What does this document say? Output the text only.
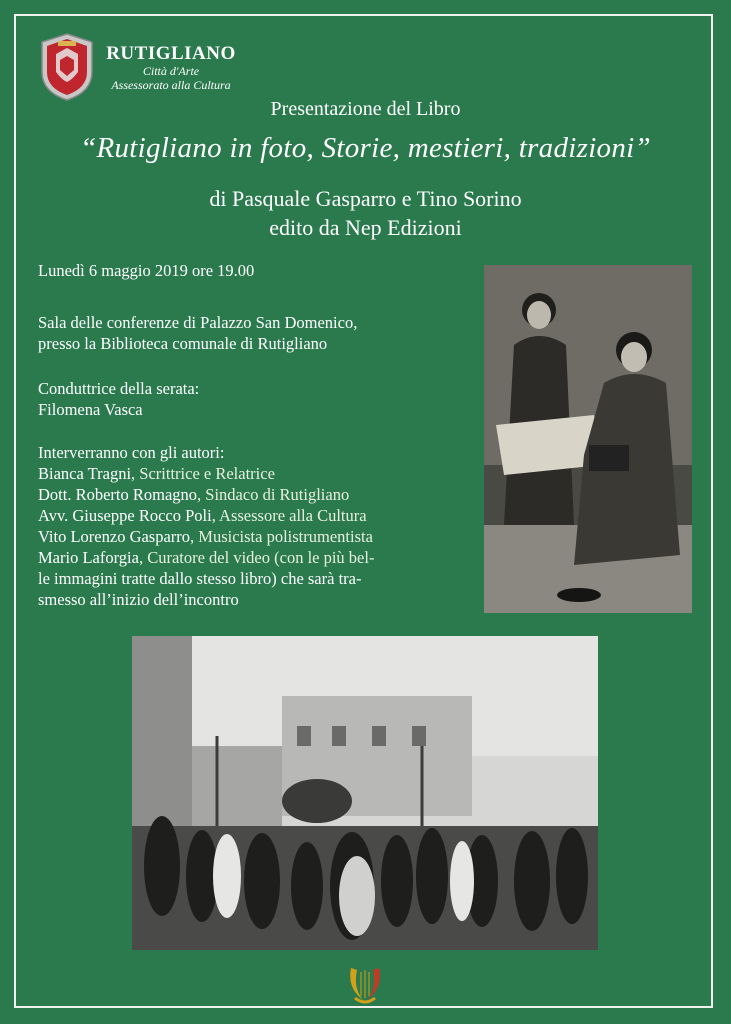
RUTIGLIANO
Città d'Arte
Assessorato alla Cultura
Presentazione del Libro
“Rutigliano in foto, Storie, mestieri, tradizioni”
di Pasquale Gasparro e Tino Sorino
edito da Nep Edizioni

Lunedì 6 maggio 2019 ore 19.00

Sala delle conferenze di Palazzo San Domenico,

presso la Biblioteca comunale di Rutigliano

Conduttrice della serata:

Filomena Vasca

Interverranno con gli autori:

Bianca Tragni, Scrittrice e Relatrice

Dott. Roberto Romagno, Sindaco di Rutigliano

Avv. Giuseppe Rocco Poli, Assessore alla Cultura

Vito Lorenzo Gasparro, Musicista polistrumentista

Mario Laforgia, Curatore del video (con le più bel-

le immagini tratte dallo stesso libro) che sarà tra-

smesso all’inizio dell’incontro
